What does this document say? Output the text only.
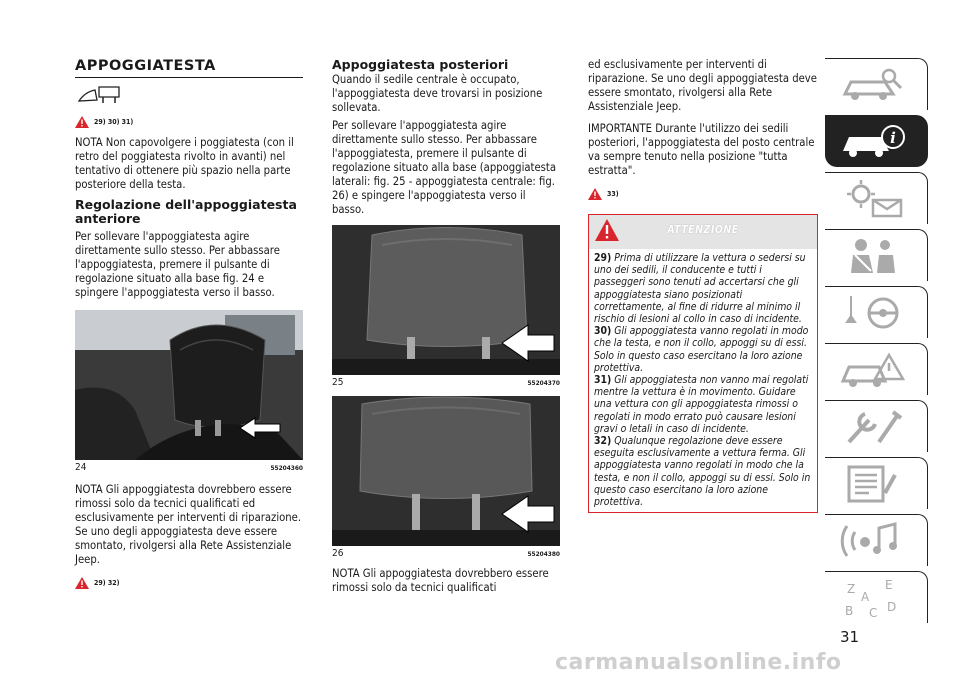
APPOGGIATESTA
29) 30) 31)

NOTA Non capovolgere i poggiatesta (con il retro del poggiatesta rivolto in avanti) nel tentativo di ottenere più spazio nella parte posteriore della testa.

Regolazione dell'appoggiatesta anteriore

Per sollevare l'appoggiatesta agire direttamente sullo stesso. Per abbassare l'appoggiatesta, premere il pulsante di regolazione situato alla base fig. 24 e spingere l'appoggiatesta verso il basso.

24	55204360

NOTA Gli appoggiatesta dovrebbero essere rimossi solo da tecnici qualificati ed esclusivamente per interventi di riparazione. Se uno degli appoggiatesta deve essere smontato, rivolgersi alla Rete Assistenziale Jeep.

29) 32)
Appoggiatesta posteriori

Quando il sedile centrale è occupato, l'appoggiatesta deve trovarsi in posizione sollevata.

Per sollevare l'appoggiatesta agire direttamente sullo stesso. Per abbassare l'appoggiatesta, premere il pulsante di regolazione situato alla base (appoggiatesta laterali: fig. 25 - appoggiatesta centrale: fig. 26) e spingere l'appoggiatesta verso il basso.

25	55204370
26	55204380

NOTA Gli appoggiatesta dovrebbero essere rimossi solo da tecnici qualificati

ed esclusivamente per interventi di riparazione. Se uno degli appoggiatesta deve essere smontato, rivolgersi alla Rete Assistenziale Jeep.

IMPORTANTE Durante l'utilizzo dei sedili posteriori, l'appoggiatesta del posto centrale va sempre tenuto nella posizione "tutta estratta".

33)
ATTENZIONE
29) Prima di utilizzare la vettura o sedersi su uno dei sedili, il conducente e tutti i passeggeri sono tenuti ad accertarsi che gli appoggiatesta siano posizionati correttamente, al fine di ridurre al minimo il rischio di lesioni al collo in caso di incidente.
30) Gli appoggiatesta vanno regolati in modo che la testa, e non il collo, appoggi su di essi. Solo in questo caso esercitano la loro azione protettiva.
31) Gli appoggiatesta non vanno mai regolati mentre la vettura è in movimento. Guidare una vettura con gli appoggiatesta rimossi o regolati in modo errato può causare lesioni gravi o letali in caso di incidente.
32) Qualunque regolazione deve essere eseguita esclusivamente a vettura ferma. Gli appoggiatesta vanno regolati in modo che la testa, e non il collo, appoggi su di essi. Solo in questo caso esercitano la loro azione protettiva.
i
Z E
A
B C D
31
carmanualsonline.info
